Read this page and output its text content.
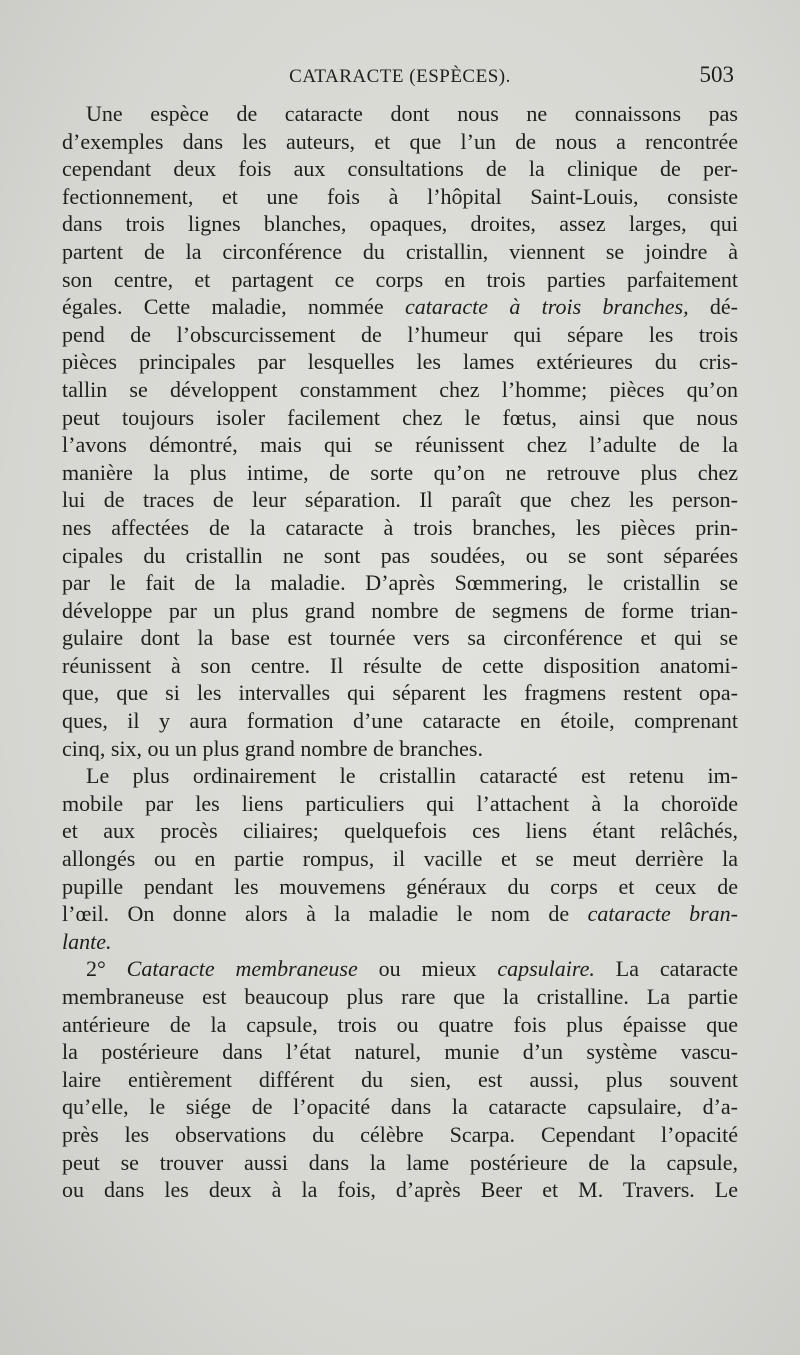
CATARACTE (ESPÈCES).	503
Une espèce de cataracte dont nous ne connaissons pas
d’exemples dans les auteurs, et que l’un de nous a rencontrée
cependant deux fois aux consultations de la clinique de per-
fectionnement, et une fois à l’hôpital Saint-Louis, consiste
dans trois lignes blanches, opaques, droites, assez larges, qui
partent de la circonférence du cristallin, viennent se joindre à
son centre, et partagent ce corps en trois parties parfaitement
égales. Cette maladie, nommée cataracte à trois branches, dé-
pend de l’obscurcissement de l’humeur qui sépare les trois
pièces principales par lesquelles les lames extérieures du cris-
tallin se développent constamment chez l’homme; pièces qu’on
peut toujours isoler facilement chez le fœtus, ainsi que nous
l’avons démontré, mais qui se réunissent chez l’adulte de la
manière la plus intime, de sorte qu’on ne retrouve plus chez
lui de traces de leur séparation. Il paraît que chez les person-
nes affectées de la cataracte à trois branches, les pièces prin-
cipales du cristallin ne sont pas soudées, ou se sont séparées
par le fait de la maladie. D’après Sœmmering, le cristallin se
développe par un plus grand nombre de segmens de forme trian-
gulaire dont la base est tournée vers sa circonférence et qui se
réunissent à son centre. Il résulte de cette disposition anatomi-
que, que si les intervalles qui séparent les fragmens restent opa-
ques, il y aura formation d’une cataracte en étoile, comprenant
cinq, six, ou un plus grand nombre de branches.
Le plus ordinairement le cristallin cataracté est retenu im-
mobile par les liens particuliers qui l’attachent à la choroïde
et aux procès ciliaires; quelquefois ces liens étant relâchés,
allongés ou en partie rompus, il vacille et se meut derrière la
pupille pendant les mouvemens généraux du corps et ceux de
l’œil. On donne alors à la maladie le nom de cataracte bran-
lante.
2° Cataracte membraneuse ou mieux capsulaire. La cataracte
membraneuse est beaucoup plus rare que la cristalline. La partie
antérieure de la capsule, trois ou quatre fois plus épaisse que
la postérieure dans l’état naturel, munie d’un système vascu-
laire entièrement différent du sien, est aussi, plus souvent
qu’elle, le siége de l’opacité dans la cataracte capsulaire, d’a-
près les observations du célèbre Scarpa. Cependant l’opacité
peut se trouver aussi dans la lame postérieure de la capsule,
ou dans les deux à la fois, d’après Beer et M. Travers. Le
